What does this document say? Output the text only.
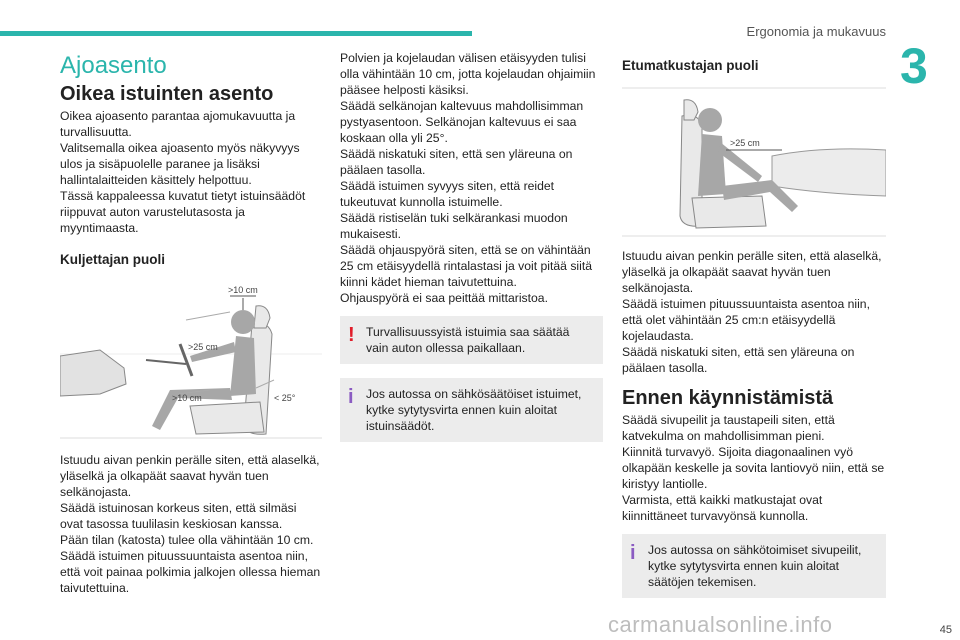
Ergonomia ja mukavuus
3
Ajoasento
Oikea istuinten asento

Oikea ajoasento parantaa ajomukavuutta ja turvallisuutta.

Valitsemalla oikea ajoasento myös näkyvyys ulos ja sisäpuolelle paranee ja lisäksi hallintalaitteiden käsittely helpottuu.

Tässä kappaleessa kuvatut tietyt istuinsäädöt riippuvat auton varustelutasosta ja myyntimaasta.

Kuljettajan puoli
>10 cm
>25 cm
>10 cm	< 25°

Istuudu aivan penkin perälle siten, että alaselkä, yläselkä ja olkapäät saavat hyvän tuen selkänojasta.

Säädä istuinosan korkeus siten, että silmäsi ovat tasossa tuulilasin keskiosan kanssa.

Pään tilan (katosta) tulee olla vähintään 10 cm.

Säädä istuimen pituussuuntaista asentoa niin, että voit painaa polkimia jalkojen ollessa hieman taivutettuina.

Polvien ja kojelaudan välisen etäisyyden tulisi olla vähintään 10 cm, jotta kojelaudan ohjaimiin pääsee helposti käsiksi.

Säädä selkänojan kaltevuus mahdollisimman pystyasentoon. Selkänojan kaltevuus ei saa koskaan olla yli 25°.

Säädä niskatuki siten, että sen yläreuna on päälaen tasolla.

Säädä istuimen syvyys siten, että reidet tukeutuvat kunnolla istuimelle.

Säädä ristiselän tuki selkärankasi muodon mukaisesti.

Säädä ohjauspyörä siten, että se on vähintään 25 cm etäisyydellä rintalastasi ja voit pitää siitä kiinni kädet hieman taivutettuina.

Ohjauspyörä ei saa peittää mittaristoa.

! Turvallisuussyistä istuimia saa säätää vain auton ollessa paikallaan.
i Jos autossa on sähkösäätöiset istuimet, kytke sytytysvirta ennen kuin aloitat istuinsäädöt.
Etumatkustajan puoli
>25 cm

Istuudu aivan penkin perälle siten, että alaselkä, yläselkä ja olkapäät saavat hyvän tuen selkänojasta.

Säädä istuimen pituussuuntaista asentoa niin, että olet vähintään 25 cm:n etäisyydellä kojelaudasta.

Säädä niskatuki siten, että sen yläreuna on päälaen tasolla.

Ennen käynnistämistä

Säädä sivupeilit ja taustapeili siten, että katvekulma on mahdollisimman pieni.

Kiinnitä turvavyö. Sijoita diagonaalinen vyö olkapään keskelle ja sovita lantiovyö niin, että se kiristyy lantiolle.

Varmista, että kaikki matkustajat ovat kiinnittäneet turvavyönsä kunnolla.

i Jos autossa on sähkötoimiset sivupeilit, kytke sytytysvirta ennen kuin aloitat säätöjen tekemisen.
carmanualsonline.info	45
